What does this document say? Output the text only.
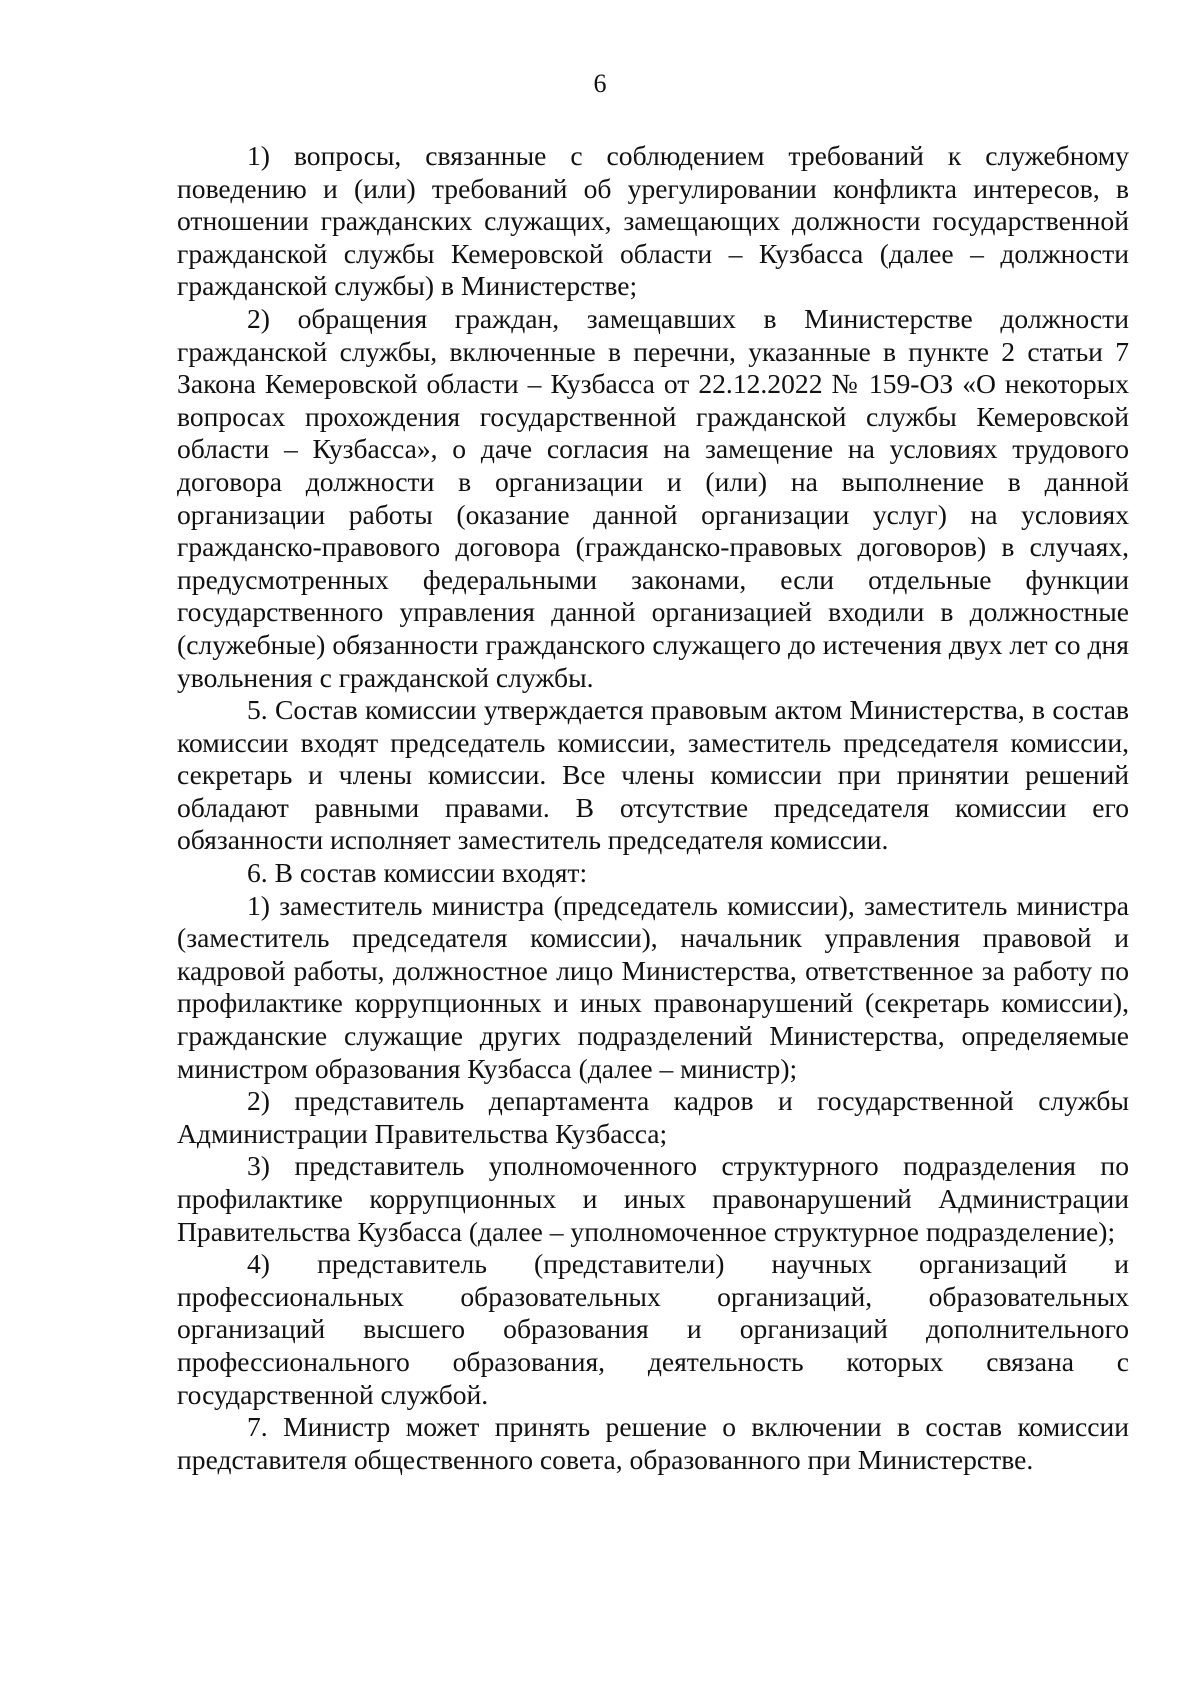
6

1) вопросы, связанные с соблюдением требований к служебному поведению и (или) требований об урегулировании конфликта интересов, в отношении гражданских служащих, замещающих должности государственной гражданской службы Кемеровской области – Кузбасса (далее – должности гражданской службы) в Министерстве;

2) обращения граждан, замещавших в Министерстве должности гражданской службы, включенные в перечни, указанные в пункте 2 статьи 7 Закона Кемеровской области – Кузбасса от 22.12.2022 № 159-ОЗ «О некоторых вопросах прохождения государственной гражданской службы Кемеровской области – Кузбасса», о даче согласия на замещение на условиях трудового договора должности в организации и (или) на выполнение в данной организации работы (оказание данной организации услуг) на условиях гражданско-правового договора (гражданско-правовых договоров) в случаях, предусмотренных федеральными законами, если отдельные функции государственного управления данной организацией входили в должностные (служебные) обязанности гражданского служащего до истечения двух лет со дня увольнения с гражданской службы.

5. Состав комиссии утверждается правовым актом Министерства, в состав комиссии входят председатель комиссии, заместитель председателя комиссии, секретарь и члены комиссии. Все члены комиссии при принятии решений обладают равными правами. В отсутствие председателя комиссии его обязанности исполняет заместитель председателя комиссии.

6. В состав комиссии входят:

1) заместитель министра (председатель комиссии), заместитель министра (заместитель председателя комиссии), начальник управления правовой и кадровой работы, должностное лицо Министерства, ответственное за работу по профилактике коррупционных и иных правонарушений (секретарь комиссии), гражданские служащие других подразделений Министерства, определяемые министром образования Кузбасса (далее – министр);

2) представитель департамента кадров и государственной службы Администрации Правительства Кузбасса;

3) представитель уполномоченного структурного подразделения по профилактике коррупционных и иных правонарушений Администрации Правительства Кузбасса (далее – уполномоченное структурное подразделение);

4) представитель (представители) научных организаций и профессиональных образовательных организаций, образовательных организаций высшего образования и организаций дополнительного профессионального образования, деятельность которых связана с государственной службой.

7. Министр может принять решение о включении в состав комиссии представителя общественного совета, образованного при Министерстве.
